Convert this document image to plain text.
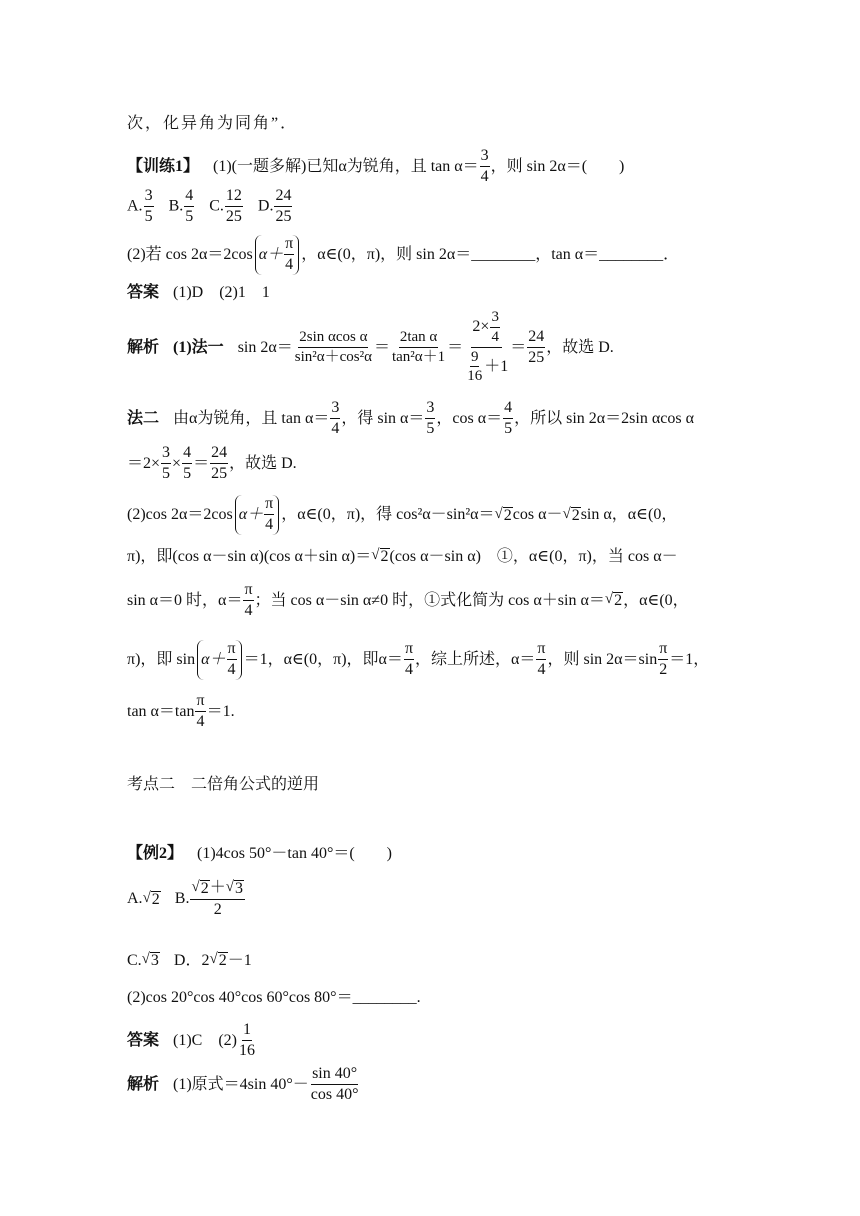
次，化异角为同角”．
【训练1】 (1)(一题多解)已知α为锐角，且 $\tan \alpha= \frac{3}{4}$ ，则 sin 2α＝(　　)
A. $\frac{3}{5} B$. $\frac{4}{5} C$. $\frac{12}{25} D$. $\frac{24}{25}$
(2)若 cos 2α＝2cos $\alpha+ \frac{\pi}{4}$ ，α∈(0，π)，则 sin 2α＝________，tan α＝________．
答案 (1)D　(2)1　1
解析 (1)法一 $\sin 2\alpha= \frac{\text{2sin αcos α}}{\text{sin²α＋cos²α}} = \frac{\text{2tan α}}{\text{tan²α＋1}} = \frac{2\times \frac{3}{4}}{\frac{9}{16} +1} = \frac{24}{25}$ ，故选 D.
法二 由α为锐角，且 $\tan \alpha= \frac{3}{4}$ ，得 $\sin \alpha= \frac{3}{5}$ ，$\cos \alpha= \frac{4}{5}$ ，所以 sin 2α＝2sin αcos α
$=2\times \frac{3}{5} \times \frac{4}{5} = \frac{24}{25}$ ，故选 D.
(2)cos 2α＝2cos $\alpha+ \frac{\pi}{4}$ ，α∈(0，π)，得 cos²α－sin²α＝ √ 2 cos α－ √ 2 sin α，α∈(0，
π)，即(cos α－sin α)(cos α＋sin α)＝ √ 2 (cos α－sin α)　①，α∈(0，π)，当 cos α－
sin α＝0 时，$\alpha= \frac{\pi}{4}$ ；当 cos α－sin α≠0 时，①式化简为 cos α＋sin α＝ √ 2 ，α∈(0，
π)，即 $\sin \alpha+ \frac{\pi}{4} =1$，α∈(0，π)，即$\alpha= \frac{\pi}{4}$ ，综上所述，$\alpha= \frac{\pi}{4}$ ，则 $\sin 2\alpha=\sin \frac{\pi}{2} =1$，
$\tan \alpha=\tan \frac{\pi}{4} =1$.
考点二　二倍角公式的逆用
【例2】 (1)4cos 50°－tan 40°＝(　　)
A. √ 2 B. $\frac{√ 2 + √ 3}{2}$
C. √ 3 D．2 √ 2 －1
(2)cos 20°cos 40°cos 60°cos 80°＝________.
答案 (1)C　$(2) \frac{1}{16}$
解析 (1)原式＝4sin $40^\circ- \frac{\sin 40^\circ}{\cos 40^\circ}$
